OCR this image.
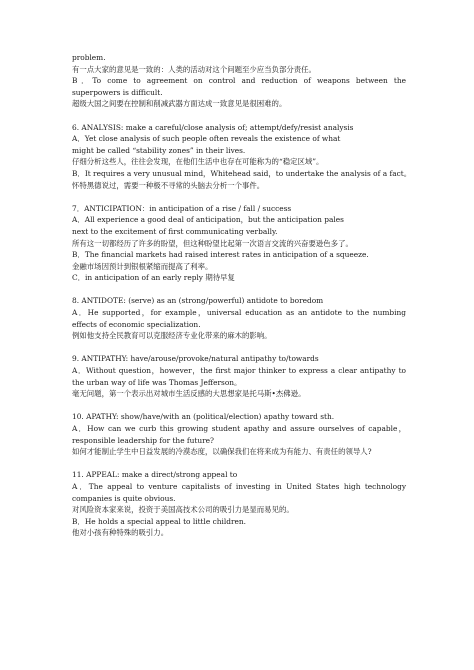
problem.

有一点大家的意见是一致的：人类的活动对这个问题至少应当负部分责任。

B．To come to agreement on control and reduction of weapons between the superpowers is difficult.

超级大国之间要在控制和削减武器方面达成一致意见是很困难的。

6. ANALYSIS: make a careful/close analysis of; attempt/defy/resist analysis

A．Yet close analysis of such people often reveals the existence of what

might be called “stability zones” in their lives.

仔细分析这些人，往往会发现，在他们生活中也存在可能称为的“稳定区域”。

B．It requires a very unusual mind，Whitehead said，to undertake the analysis of a fact。

怀特黑德说过，需要一种极不寻常的头脑去分析一个事件。

7．ANTICIPATION：in anticipation of a rise / fall / success

A．All experience a good deal of anticipation，but the anticipation pales

next to the excitement of first communicating verbally.

所有这一切都经历了许多的盼望，但这种盼望比起第一次语言交流的兴奋要逊色多了。

B．The financial markets had raised interest rates in anticipation of a squeeze.

金融市场因预计到银根紧缩而提高了利率。

C．in anticipation of an early reply 期待早复

8. ANTIDOTE: (serve) as an (strong/powerful) antidote to boredom

A．He supported，for example，universal education as an antidote to the numbing effects of economic specialization.

例如他支持全民教育可以克服经济专业化带来的麻木的影响。

9. ANTIPATHY: have/arouse/provoke/natural antipathy to/towards

A．Without question，however，the first major thinker to express a clear antipathy to the urban way of life was Thomas Jefferson。

毫无问题，第一个表示出对城市生活反感的大思想家是托马斯•杰佛逊。

10. APATHY: show/have/with an (political/election) apathy toward sth.

A．How can we curb this growing student apathy and assure ourselves of capable，responsible leadership for the future?

如何才能制止学生中日益发展的冷漠态度，以确保我们在将来成为有能力、有责任的领导人?

11. APPEAL: make a direct/strong appeal to

A．The appeal to venture capitalists of investing in United States high technology companies is quite obvious.

对风险资本家来说，投资于美国高技术公司的吸引力是显而易见的。

B．He holds a special appeal to little children.

他对小孩有种特殊的吸引力。
